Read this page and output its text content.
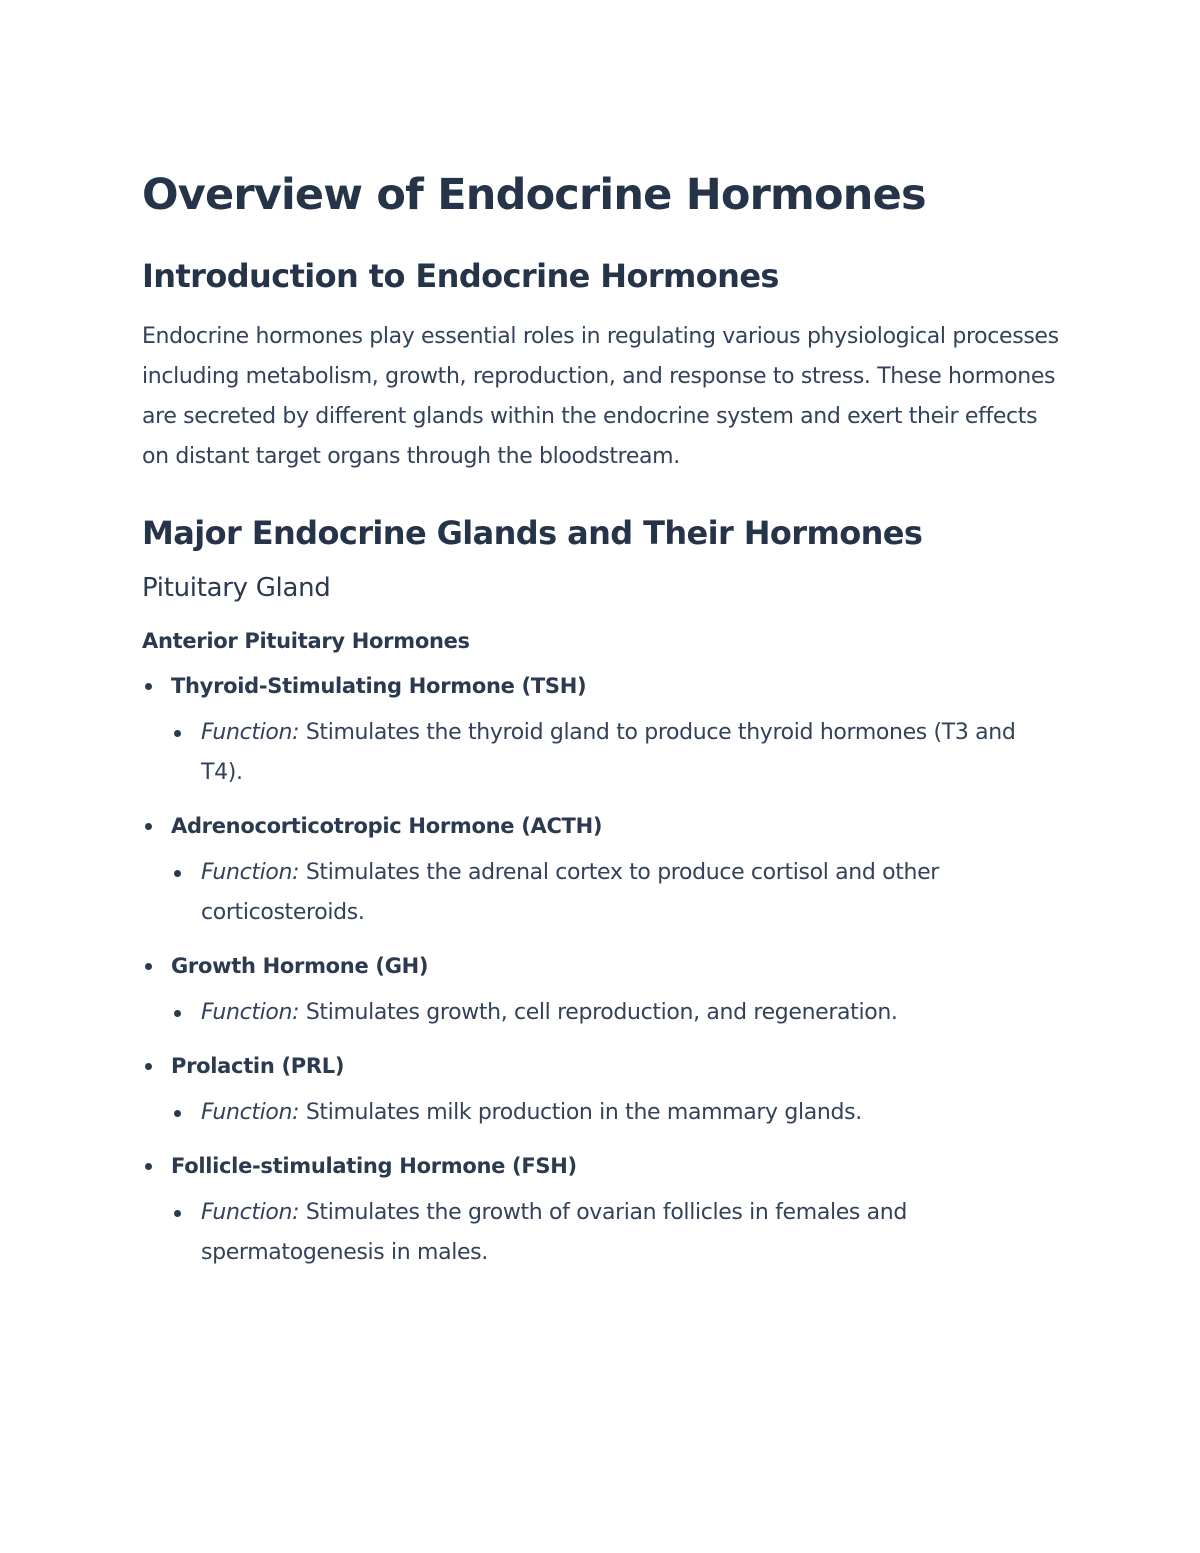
Overview of Endocrine Hormones
Introduction to Endocrine Hormones

Endocrine hormones play essential roles in regulating various physiological processes including metabolism, growth, reproduction, and response to stress. These hormones are secreted by different glands within the endocrine system and exert their effects on distant target organs through the bloodstream.

Major Endocrine Glands and Their Hormones
Pituitary Gland
Anterior Pituitary Hormones
Thyroid-Stimulating Hormone (TSH)
Function: Stimulates the thyroid gland to produce thyroid hormones (T3 and T4).
Adrenocorticotropic Hormone (ACTH)
Function: Stimulates the adrenal cortex to produce cortisol and other corticosteroids.
Growth Hormone (GH)
Function: Stimulates growth, cell reproduction, and regeneration.
Prolactin (PRL)
Function: Stimulates milk production in the mammary glands.
Follicle-stimulating Hormone (FSH)
Function: Stimulates the growth of ovarian follicles in females and spermatogenesis in males.
